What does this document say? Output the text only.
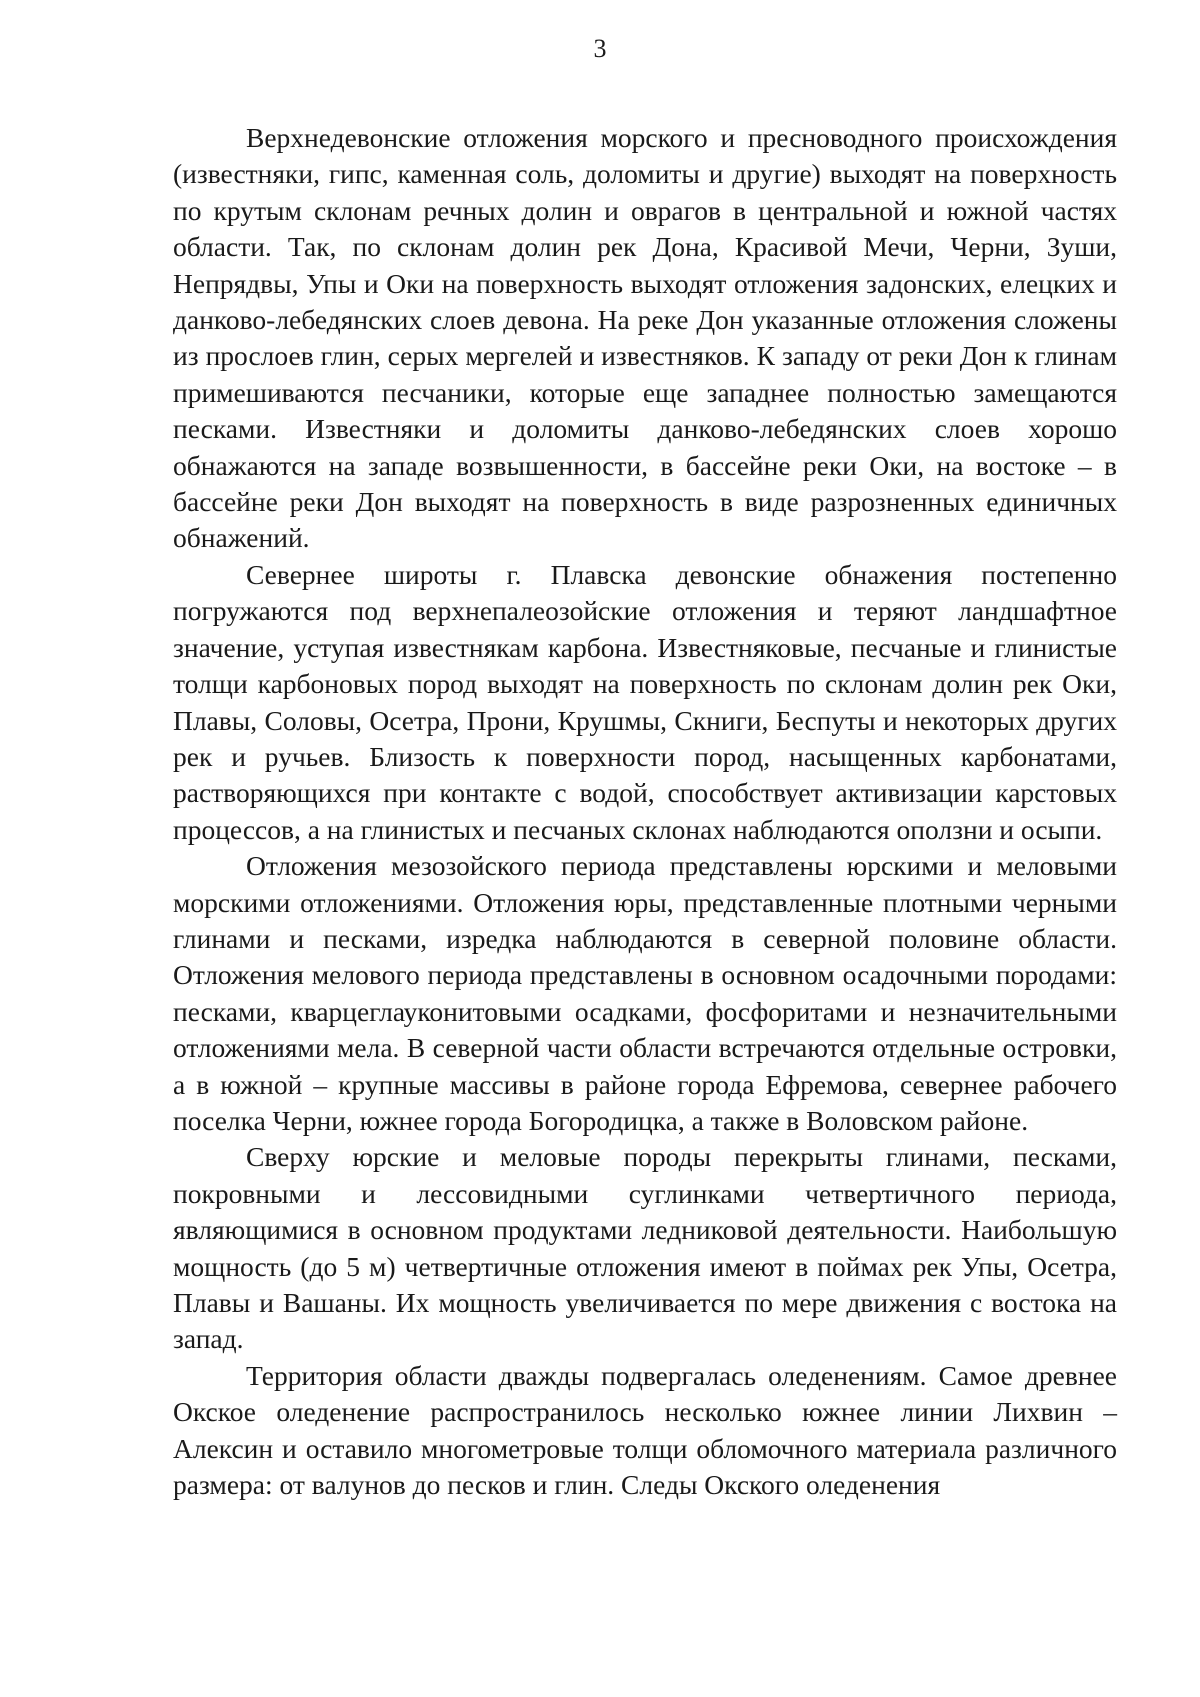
3

Верхнедевонские отложения морского и пресноводного происхождения (известняки, гипс, каменная соль, доломиты и другие) выходят на поверхность по крутым склонам речных долин и оврагов в центральной и южной частях области. Так, по склонам долин рек Дона, Красивой Мечи, Черни, Зуши, Непрядвы, Упы и Оки на поверхность выходят отложения задонских, елецких и данково-лебедянских слоев девона. На реке Дон указанные отложения сложены из прослоев глин, серых мергелей и известняков. К западу от реки Дон к глинам примешиваются песчаники, которые еще западнее полностью замещаются песками. Известняки и доломиты данково-лебедянских слоев хорошо обнажаются на западе возвышенности, в бассейне реки Оки, на востоке – в бассейне реки Дон выходят на поверхность в виде разрозненных единичных обнажений.

Севернее широты г. Плавска девонские обнажения постепенно погружаются под верхнепалеозойские отложения и теряют ландшафтное значение, уступая известнякам карбона. Известняковые, песчаные и глинистые толщи карбоновых пород выходят на поверхность по склонам долин рек Оки, Плавы, Соловы, Осетра, Прони, Крушмы, Скниги, Беспуты и некоторых других рек и ручьев. Близость к поверхности пород, насыщенных карбонатами, растворяющихся при контакте с водой, способствует активизации карстовых процессов, а на глинистых и песчаных склонах наблюдаются оползни и осыпи.

Отложения мезозойского периода представлены юрскими и меловыми морскими отложениями. Отложения юры, представленные плотными черными глинами и песками, изредка наблюдаются в северной половине области. Отложения мелового периода представлены в основном осадочными породами: песками, кварцеглауконитовыми осадками, фосфоритами и незначительными отложениями мела. В северной части области встречаются отдельные островки, а в южной – крупные массивы в районе города Ефремова, севернее рабочего поселка Черни, южнее города Богородицка, а также в Воловском районе.

Сверху юрские и меловые породы перекрыты глинами, песками, покровными и лессовидными суглинками четвертичного периода, являющимися в основном продуктами ледниковой деятельности. Наибольшую мощность (до 5 м) четвертичные отложения имеют в поймах рек Упы, Осетра, Плавы и Вашаны. Их мощность увеличивается по мере движения с востока на запад.

Территория области дважды подвергалась оледенениям. Самое древнее Окское оледенение распространилось несколько южнее линии Лихвин – Алексин и оставило многометровые толщи обломочного материала различного размера: от валунов до песков и глин. Следы Окского оледенения
